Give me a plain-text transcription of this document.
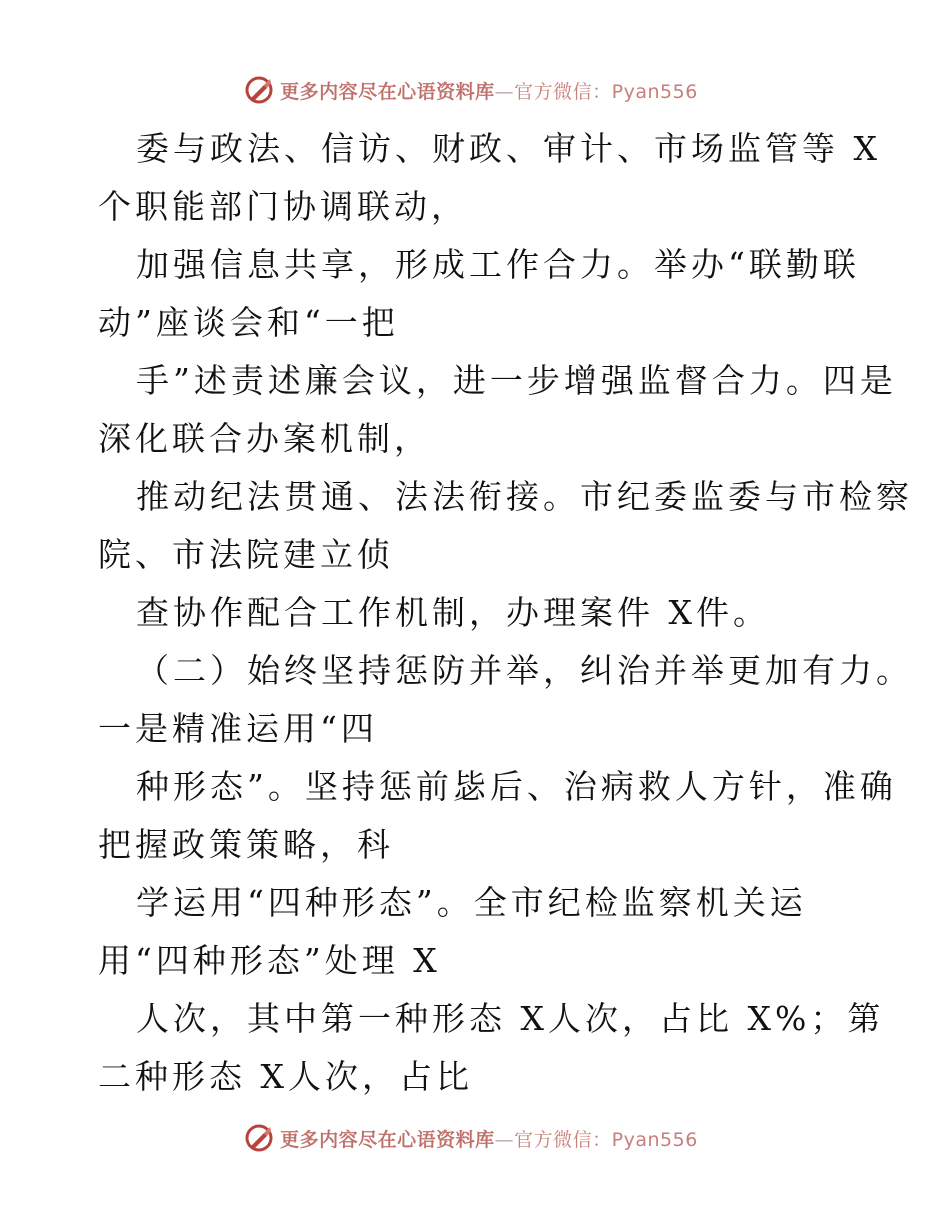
更多内容尽在心语资料库—官方微信：Pyan556
委与政法、信访、财政、审计、市场监管等 X
个职能部门协调联动，
加强信息共享，形成工作合力。举办“联勤联
动”座谈会和“一把
手”述责述廉会议，进一步增强监督合力。四是
深化联合办案机制，
推动纪法贯通、法法衔接。市纪委监委与市检察
院、市法院建立侦
查协作配合工作机制，办理案件 X件。
（二）始终坚持惩防并举，纠治并举更加有力。
一是精准运用“四
种形态”。坚持惩前毖后、治病救人方针，准确
把握政策策略，科
学运用“四种形态”。全市纪检监察机关运
用“四种形态”处理 X
人次，其中第一种形态 X人次，占比 X%；第
二种形态 X人次，占比
更多内容尽在心语资料库—官方微信：Pyan556
